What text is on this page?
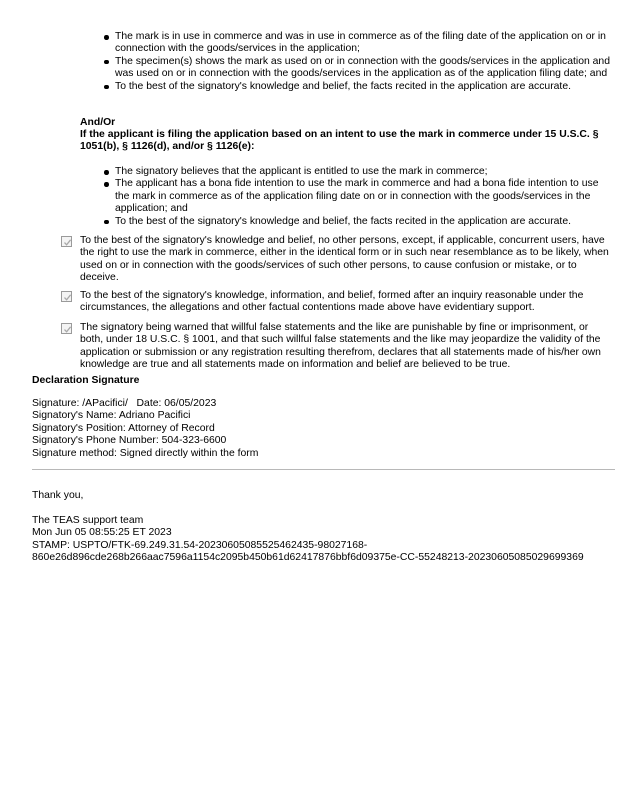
The mark is in use in commerce and was in use in commerce as of the filing date of the application on or in connection with the goods/services in the application;
The specimen(s) shows the mark as used on or in connection with the goods/services in the application and was used on or in connection with the goods/services in the application as of the application filing date; and
To the best of the signatory's knowledge and belief, the facts recited in the application are accurate.
And/Or
If the applicant is filing the application based on an intent to use the mark in commerce under 15 U.S.C. § 1051(b), § 1126(d), and/or § 1126(e):
The signatory believes that the applicant is entitled to use the mark in commerce;
The applicant has a bona fide intention to use the mark in commerce and had a bona fide intention to use the mark in commerce as of the application filing date on or in connection with the goods/services in the application; and
To the best of the signatory's knowledge and belief, the facts recited in the application are accurate.
To the best of the signatory's knowledge and belief, no other persons, except, if applicable, concurrent users, have the right to use the mark in commerce, either in the identical form or in such near resemblance as to be likely, when used on or in connection with the goods/services of such other persons, to cause confusion or mistake, or to deceive.
To the best of the signatory's knowledge, information, and belief, formed after an inquiry reasonable under the circumstances, the allegations and other factual contentions made above have evidentiary support.
The signatory being warned that willful false statements and the like are punishable by fine or imprisonment, or both, under 18 U.S.C. § 1001, and that such willful false statements and the like may jeopardize the validity of the application or submission or any registration resulting therefrom, declares that all statements made of his/her own knowledge are true and all statements made on information and belief are believed to be true.
Declaration Signature
Signature: /APacifici/   Date: 06/05/2023
Signatory's Name: Adriano Pacifici
Signatory's Position: Attorney of Record
Signatory's Phone Number: 504-323-6600
Signature method: Signed directly within the form
Thank you,
The TEAS support team
Mon Jun 05 08:55:25 ET 2023
STAMP: USPTO/FTK-69.249.31.54-20230605085525462435-98027168-
860e26d896cde268b266aac7596a1154c2095b450b61d62417876bbf6d09375e-CC-55248213-20230605085029699369
